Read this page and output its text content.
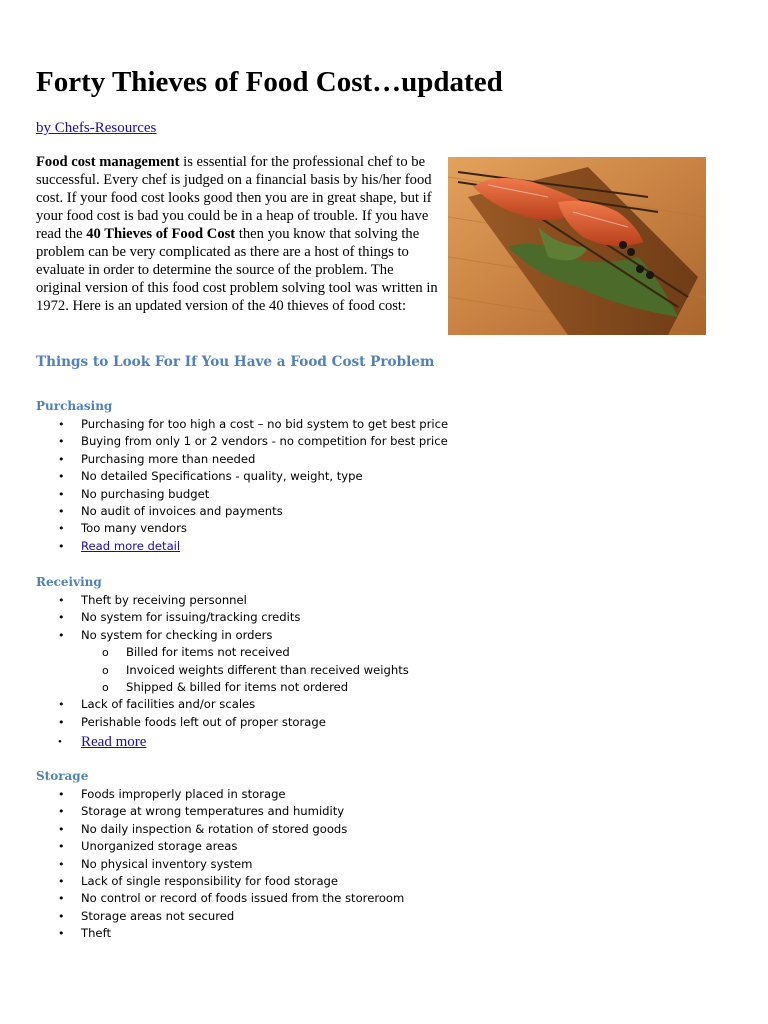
Forty Thieves of Food Cost…updated
by Chefs-Resources

Food cost management is essential for the professional chef to be successful. Every chef is judged on a financial basis by his/her food cost. If your food cost looks good then you are in great shape, but if your food cost is bad you could be in a heap of trouble. If you have read the 40 Thieves of Food Cost then you know that solving the problem can be very complicated as there are a host of things to evaluate in order to determine the source of the problem. The original version of this food cost problem solving tool was written in 1972. Here is an updated version of the 40 thieves of food cost:

Things to Look For If You Have a Food Cost Problem
Purchasing
• Purchasing for too high a cost – no bid system to get best price
• Buying from only 1 or 2 vendors - no competition for best price
• Purchasing more than needed
• No detailed Specifications - quality, weight, type
• No purchasing budget
• No audit of invoices and payments
• Too many vendors
• Read more detail
Receiving
• Theft by receiving personnel
• No system for issuing/tracking credits
• No system for checking in orders
o Billed for items not received
o Invoiced weights different than received weights
o Shipped & billed for items not ordered
• Lack of facilities and/or scales
• Perishable foods left out of proper storage
• Read more
Storage
• Foods improperly placed in storage
• Storage at wrong temperatures and humidity
• No daily inspection & rotation of stored goods
• Unorganized storage areas
• No physical inventory system
• Lack of single responsibility for food storage
• No control or record of foods issued from the storeroom
• Storage areas not secured
• Theft
